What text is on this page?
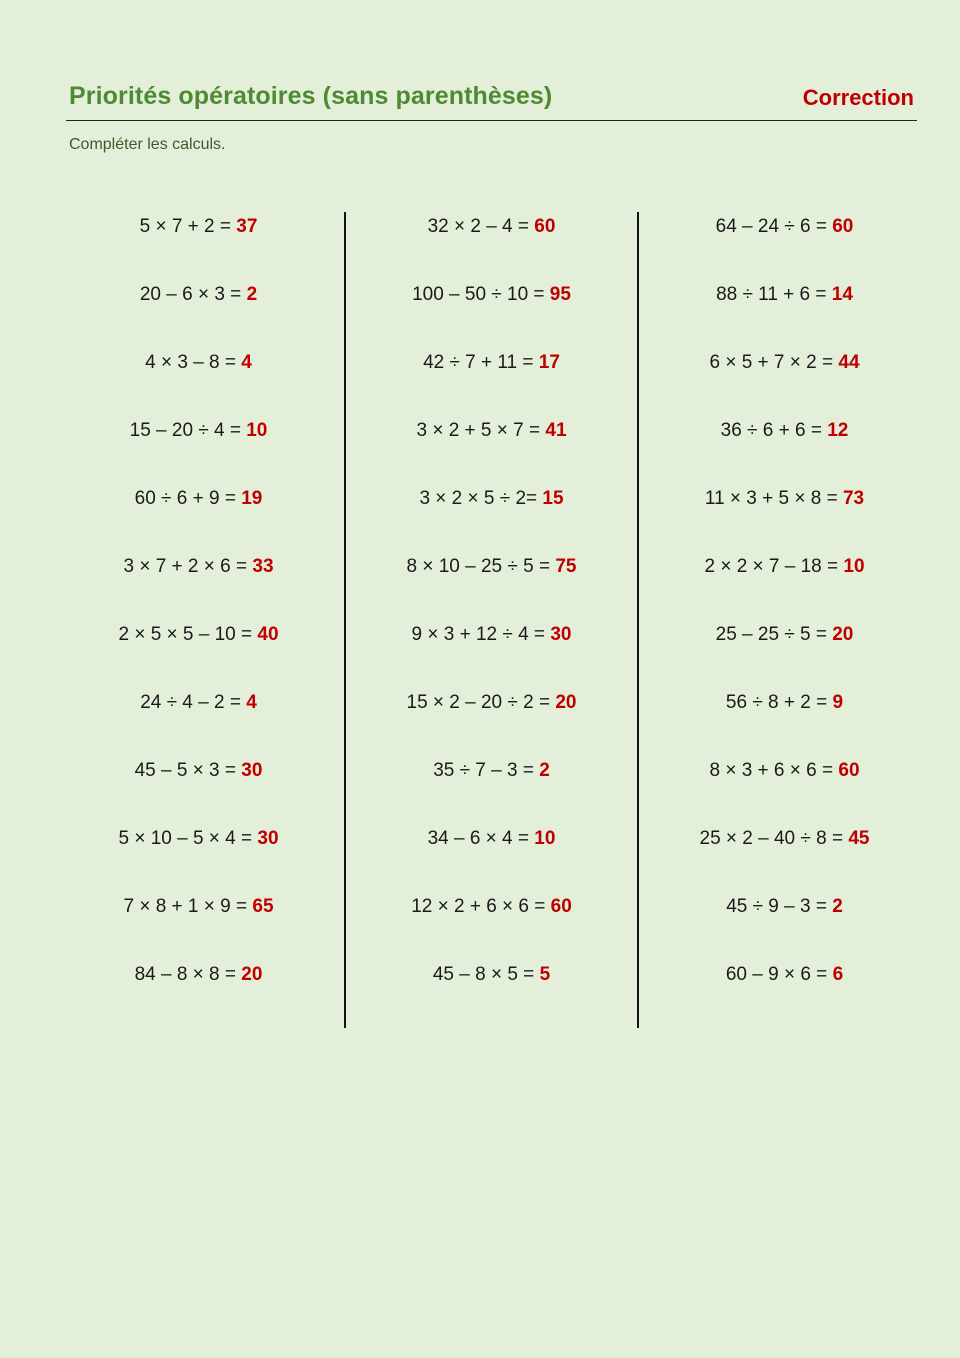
Priorités opératoires (sans parenthèses)	Correction
Compléter les calculs.
5 × 7 + 2 = 37
20 – 6 × 3 = 2
4 × 3 – 8 = 4
15 – 20 ÷ 4 = 10
60 ÷ 6 + 9 = 19
3 × 7 + 2 × 6 = 33
2 × 5 × 5 – 10 = 40
24 ÷ 4 – 2 = 4
45 – 5 × 3 = 30
5 × 10 – 5 × 4 = 30
7 × 8 + 1 × 9 = 65
84 – 8 × 8 = 20
32 × 2 – 4 = 60
100 – 50 ÷ 10 = 95
42 ÷ 7 + 11 = 17
3 × 2 + 5 × 7 = 41
3 × 2 × 5 ÷ 2= 15
8 × 10 – 25 ÷ 5 = 75
9 × 3 + 12 ÷ 4 = 30
15 × 2 – 20 ÷ 2 = 20
35 ÷ 7 – 3 = 2
34 – 6 × 4 = 10
12 × 2 + 6 × 6 = 60
45 – 8 × 5 = 5
64 – 24 ÷ 6 = 60
88 ÷ 11 + 6 = 14
6 × 5 + 7 × 2 = 44
36 ÷ 6 + 6 = 12
11 × 3 + 5 × 8 = 73
2 × 2 × 7 – 18 = 10
25 – 25 ÷ 5 = 20
56 ÷ 8 + 2 = 9
8 × 3 + 6 × 6 = 60
25 × 2 – 40 ÷ 8 = 45
45 ÷ 9 – 3 = 2
60 – 9 × 6 = 6
